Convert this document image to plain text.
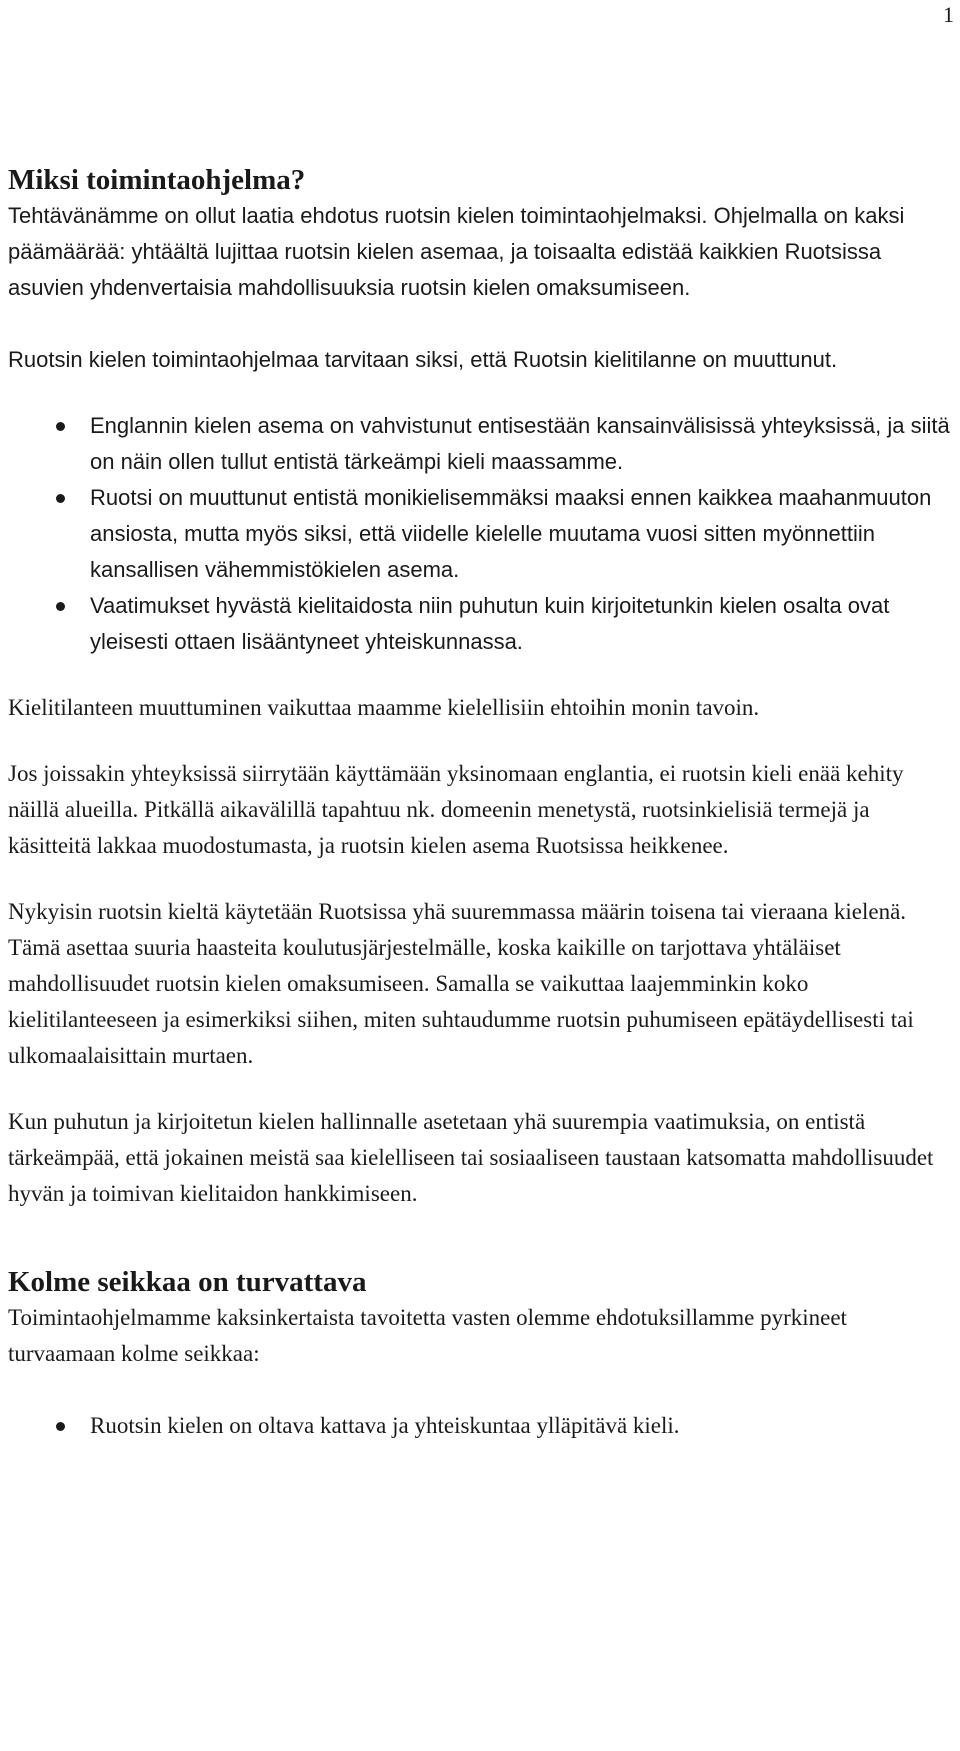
1
Miksi toimintaohjelma?

Tehtävänämme on ollut laatia ehdotus ruotsin kielen toimintaohjelmaksi. Ohjelmalla on kaksi päämäärää: yhtäältä lujittaa ruotsin kielen asemaa, ja toisaalta edistää kaikkien Ruotsissa asuvien yhdenvertaisia mahdollisuuksia ruotsin kielen omaksumiseen.

Ruotsin kielen toimintaohjelmaa tarvitaan siksi, että Ruotsin kielitilanne on muuttunut.

Englannin kielen asema on vahvistunut entisestään kansainvälisissä yhteyksissä, ja siitä on näin ollen tullut entistä tärkeämpi kieli maassamme.
Ruotsi on muuttunut entistä monikielisemmäksi maaksi ennen kaikkea maahanmuuton ansiosta, mutta myös siksi, että viidelle kielelle muutama vuosi sitten myönnettiin kansallisen vähemmistökielen asema.
Vaatimukset hyvästä kielitaidosta niin puhutun kuin kirjoitetunkin kielen osalta ovat yleisesti ottaen lisääntyneet yhteiskunnassa.

Kielitilanteen muuttuminen vaikuttaa maamme kielellisiin ehtoihin monin tavoin.

Jos joissakin yhteyksissä siirrytään käyttämään yksinomaan englantia, ei ruotsin kieli enää kehity näillä alueilla. Pitkällä aikavälillä tapahtuu nk. domeenin menetystä, ruotsinkielisiä termejä ja käsitteitä lakkaa muodostumasta, ja ruotsin kielen asema Ruotsissa heikkenee.

Nykyisin ruotsin kieltä käytetään Ruotsissa yhä suuremmassa määrin toisena tai vieraana kielenä. Tämä asettaa suuria haasteita koulutusjärjestelmälle, koska kaikille on tarjottava yhtäläiset mahdollisuudet ruotsin kielen omaksumiseen. Samalla se vaikuttaa laajemminkin koko kielitilanteeseen ja esimerkiksi siihen, miten suhtaudumme ruotsin puhumiseen epätäydellisesti tai ulkomaalaisittain murtaen.

Kun puhutun ja kirjoitetun kielen hallinnalle asetetaan yhä suurempia vaatimuksia, on entistä tärkeämpää, että jokainen meistä saa kielelliseen tai sosiaaliseen taustaan katsomatta mahdollisuudet hyvän ja toimivan kielitaidon hankkimiseen.

Kolme seikkaa on turvattava

Toimintaohjelmamme kaksinkertaista tavoitetta vasten olemme ehdotuksillamme pyrkineet turvaamaan kolme seikkaa:

Ruotsin kielen on oltava kattava ja yhteiskuntaa ylläpitävä kieli.
